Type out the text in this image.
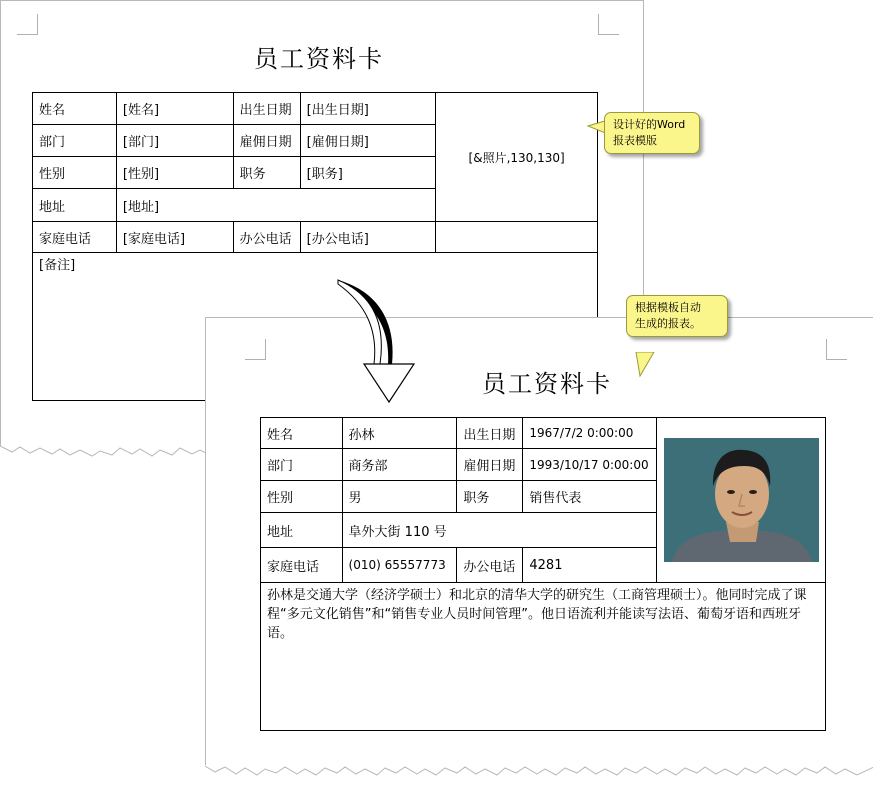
员工资料卡
姓名	[姓名]	出生日期	[出生日期]	[&照片,130,130]
部门	[部门]	雇佣日期	[雇佣日期]	
性别	[性别]	职务	[职务]	
地址	[地址]			
家庭电话	[家庭电话]	办公电话	[办公电话]	
[备注]				
设计好的Word
报表模版
员工资料卡
姓名	孙林	出生日期	1967/7/2 0:00:00	

部门	商务部	雇佣日期	1993/10/17 0:00:00	
性别	男	职务	销售代表	
地址	阜外大街 110 号			
家庭电话	(010) 65557773	办公电话	4281	
孙林是交通大学（经济学硕士）和北京的清华大学的研究生（工商管理硕士）。他同时完成了课程“多元文化销售”和“销售专业人员时间管理”。他日语流利并能读写法语、葡萄牙语和西班牙语。				
根据模板自动
生成的报表。
